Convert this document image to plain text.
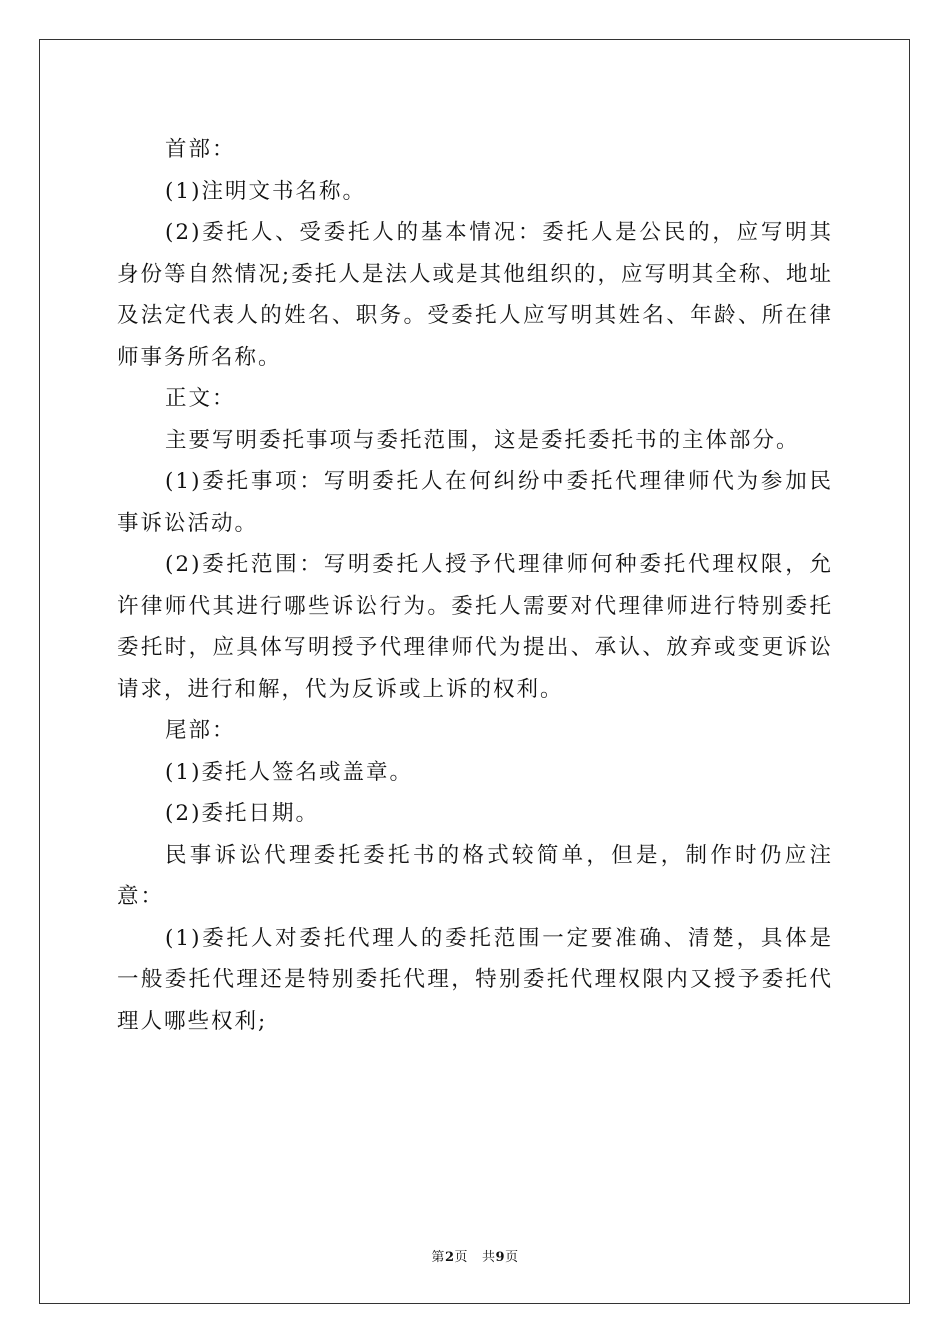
首部：

(1)注明文书名称。

(2)委托人、受委托人的基本情况：委托人是公民的，应写明其身份等自然情况;委托人是法人或是其他组织的，应写明其全称、地址及法定代表人的姓名、职务。受委托人应写明其姓名、年龄、所在律师事务所名称。

正文：

主要写明委托事项与委托范围，这是委托委托书的主体部分。

(1)委托事项：写明委托人在何纠纷中委托代理律师代为参加民事诉讼活动。

(2)委托范围：写明委托人授予代理律师何种委托代理权限，允许律师代其进行哪些诉讼行为。委托人需要对代理律师进行特别委托委托时，应具体写明授予代理律师代为提出、承认、放弃或变更诉讼请求，进行和解，代为反诉或上诉的权利。

尾部：

(1)委托人签名或盖章。

(2)委托日期。

民事诉讼代理委托委托书的格式较简单，但是，制作时仍应注意：

(1)委托人对委托代理人的委托范围一定要准确、清楚，具体是一般委托代理还是特别委托代理，特别委托代理权限内又授予委托代理人哪些权利;

第2页 共9页
